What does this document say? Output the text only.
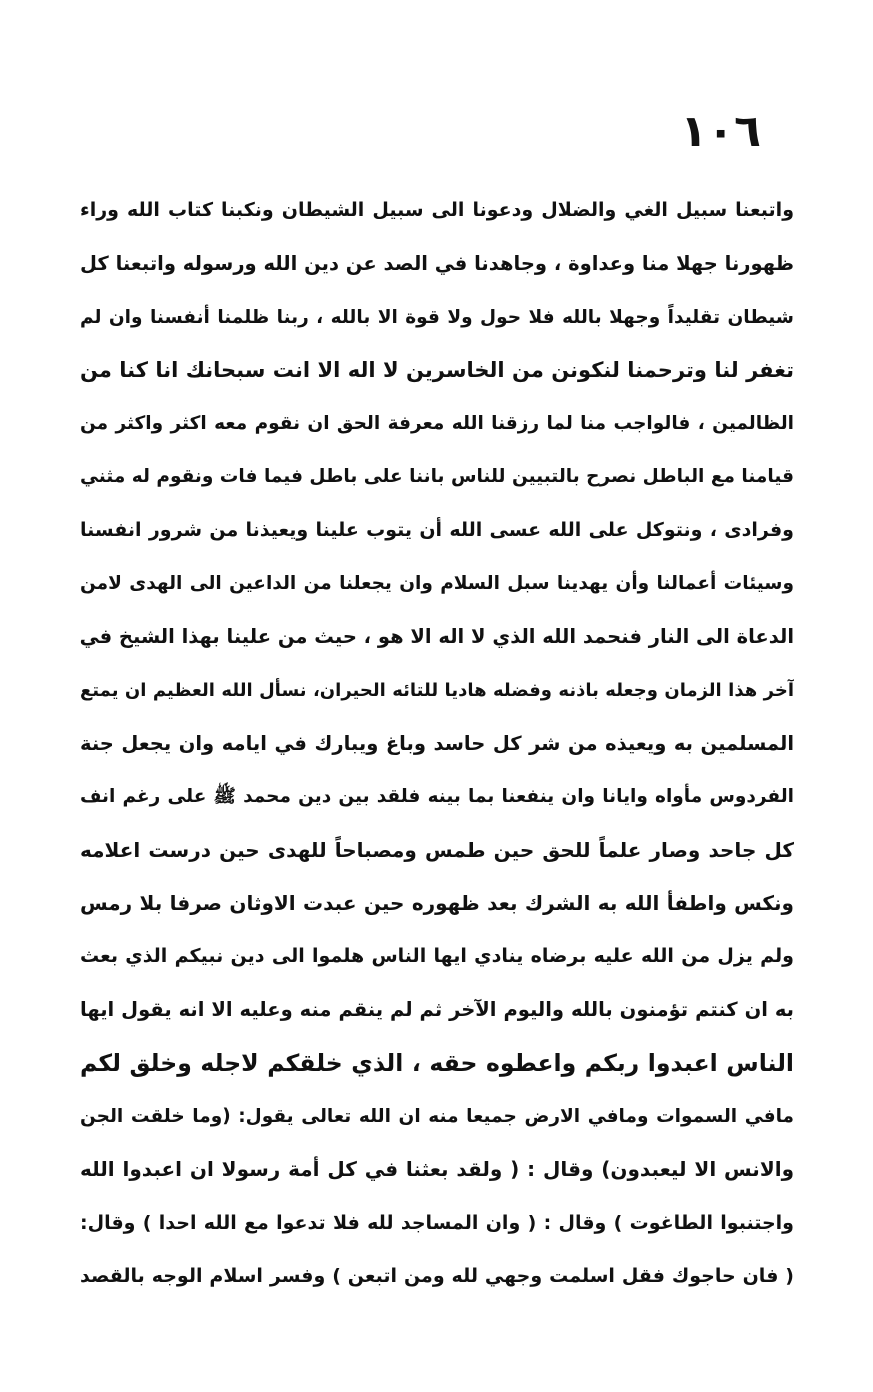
١٠٦
واتبعنا سبيل الغي والضلال ودعونا الى سبيل الشيطان ونكبنا كتاب الله وراء
ظهورنا جهلا منا وعداوة ، وجاهدنا في الصد عن دين الله ورسوله واتبعنا كل
شيطان تقليداً وجهلا بالله فلا حول ولا قوة الا بالله ، ربنا ظلمنا أنفسنا وان لم
تغفر لنا وترحمنا لنكونن من الخاسرين لا اله الا انت سبحانك انا كنا من
الظالمين ، فالواجب منا لما رزقنا الله معرفة الحق ان نقوم معه اكثر واكثر من
قيامنا مع الباطل نصرح بالتبيين للناس باننا على باطل فيما فات ونقوم له مثني
وفرادى ، ونتوكل على الله عسى الله أن يتوب علينا ويعيذنا من شرور انفسنا
وسيئات أعمالنا وأن يهدينا سبل السلام وان يجعلنا من الداعين الى الهدى لامن
الدعاة الى النار فنحمد الله الذي لا اله الا هو ، حيث من علينا بهذا الشيخ في
آخر هذا الزمان وجعله باذنه وفضله هاديا للتائه الحيران، نسأل الله العظيم ان يمتع
المسلمين به ويعيذه من شر كل حاسد وباغ ويبارك في ايامه وان يجعل جنة
الفردوس مأواه وايانا وان ينفعنا بما بينه فلقد بين دين محمد ﷺ على رغم انف
كل جاحد وصار علماً للحق حين طمس ومصباحاً للهدى حين درست اعلامه
ونكس واطفأ الله به الشرك بعد ظهوره حين عبدت الاوثان صرفا بلا رمس
ولم يزل من الله عليه برضاه ينادي ايها الناس هلموا الى دين نبيكم الذي بعث
به ان كنتم تؤمنون بالله واليوم الآخر ثم لم ينقم منه وعليه الا انه يقول ايها
الناس اعبدوا ربكم واعطوه حقه ، الذي خلقكم لاجله وخلق لكم
مافي السموات ومافي الارض جميعا منه ان الله تعالى يقول: (وما خلقت الجن
والانس الا ليعبدون) وقال : ( ولقد بعثنا في كل أمة رسولا ان اعبدوا الله
واجتنبوا الطاغوت ) وقال : ( وان المساجد لله فلا تدعوا مع الله احدا ) وقال:
( فان حاجوك فقل اسلمت وجهي لله ومن اتبعن ) وفسر اسلام الوجه بالقصد
